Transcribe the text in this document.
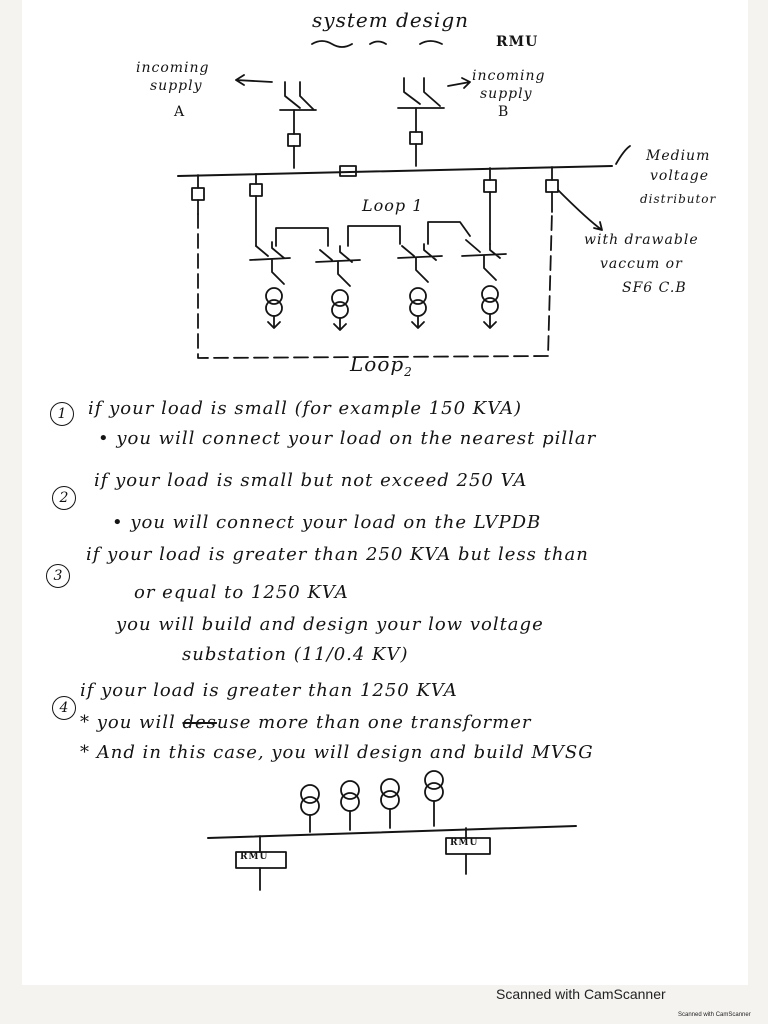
system design
RMU
incoming
supply
A
incoming
supply
B
Medium
voltage
distributor
with drawable
vaccum or
SF6 C.B
Loop 1
Loop$_2$
RMU
RMU
1	if your load is small (for example 150 KVA)
• you will connect your load on the nearest pillar
2
if your load is small but not exceed 250 VA
• you will connect your load on the LVPDB
3
if your load is greater than 250 KVA but less than
or equal to 1250 KVA
you will build and design your low voltage
substation (11/0.4 KV)
4
if your load is greater than 1250 KVA
* you will desuse more than one transformer
* And in this case, you will design and build MVSG
Scanned with CamScanner
Scanned with CamScanner
